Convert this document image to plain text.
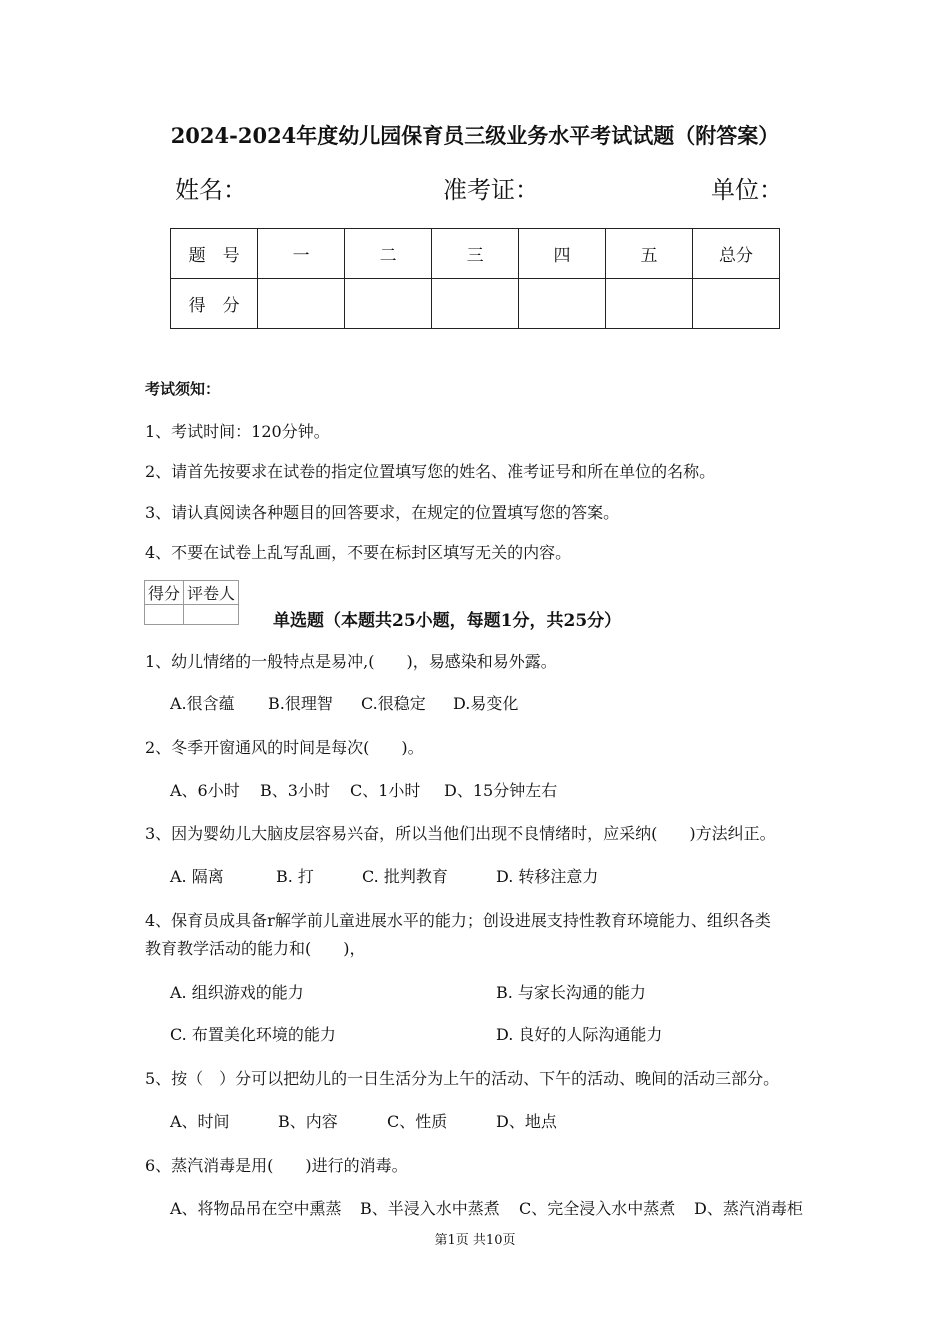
2024-2024年度幼儿园保育员三级业务水平考试试题（附答案）
姓名：	准考证：	单位：
题　号	一	二	三	四	五	总分
得　分						
考试须知：
1、考试时间：120分钟。
2、请首先按要求在试卷的指定位置填写您的姓名、准考证号和所在单位的名称。
3、请认真阅读各种题目的回答要求，在规定的位置填写您的答案。
4、不要在试卷上乱写乱画，不要在标封区填写无关的内容。
得分	评卷人

单选题（本题共25小题，每题1分，共25分）
1、幼儿情绪的一般特点是易冲,(　　)，易感染和易外露。
A.很含蕴 B.很理智 C.很稳定 D.易变化
2、冬季开窗通风的时间是每次(　　)。
A、6小时 B、3小时 C、1小时 D、15分钟左右
3、因为婴幼儿大脑皮层容易兴奋，所以当他们出现不良情绪时，应采纳(　　)方法纠正。
A. 隔离	B. 打	C. 批判教育	D. 转移注意力
4、保育员成具备r解学前儿童进展水平的能力；创设进展支持性教育环境能力、组织各类
教育教学活动的能力和(　　)，
A. 组织游戏的能力	B. 与家长沟通的能力
C. 布置美化环境的能力	D. 良好的人际沟通能力
5、按（　）分可以把幼儿的一日生活分为上午的活动、下午的活动、晚间的活动三部分。
A、时间	B、内容	C、性质	D、地点
6、蒸汽消毒是用(　　)进行的消毒。
A、将物品吊在空中熏蒸 B、半浸入水中蒸煮 C、完全浸入水中蒸煮 D、蒸汽消毒柜
第1页 共10页
